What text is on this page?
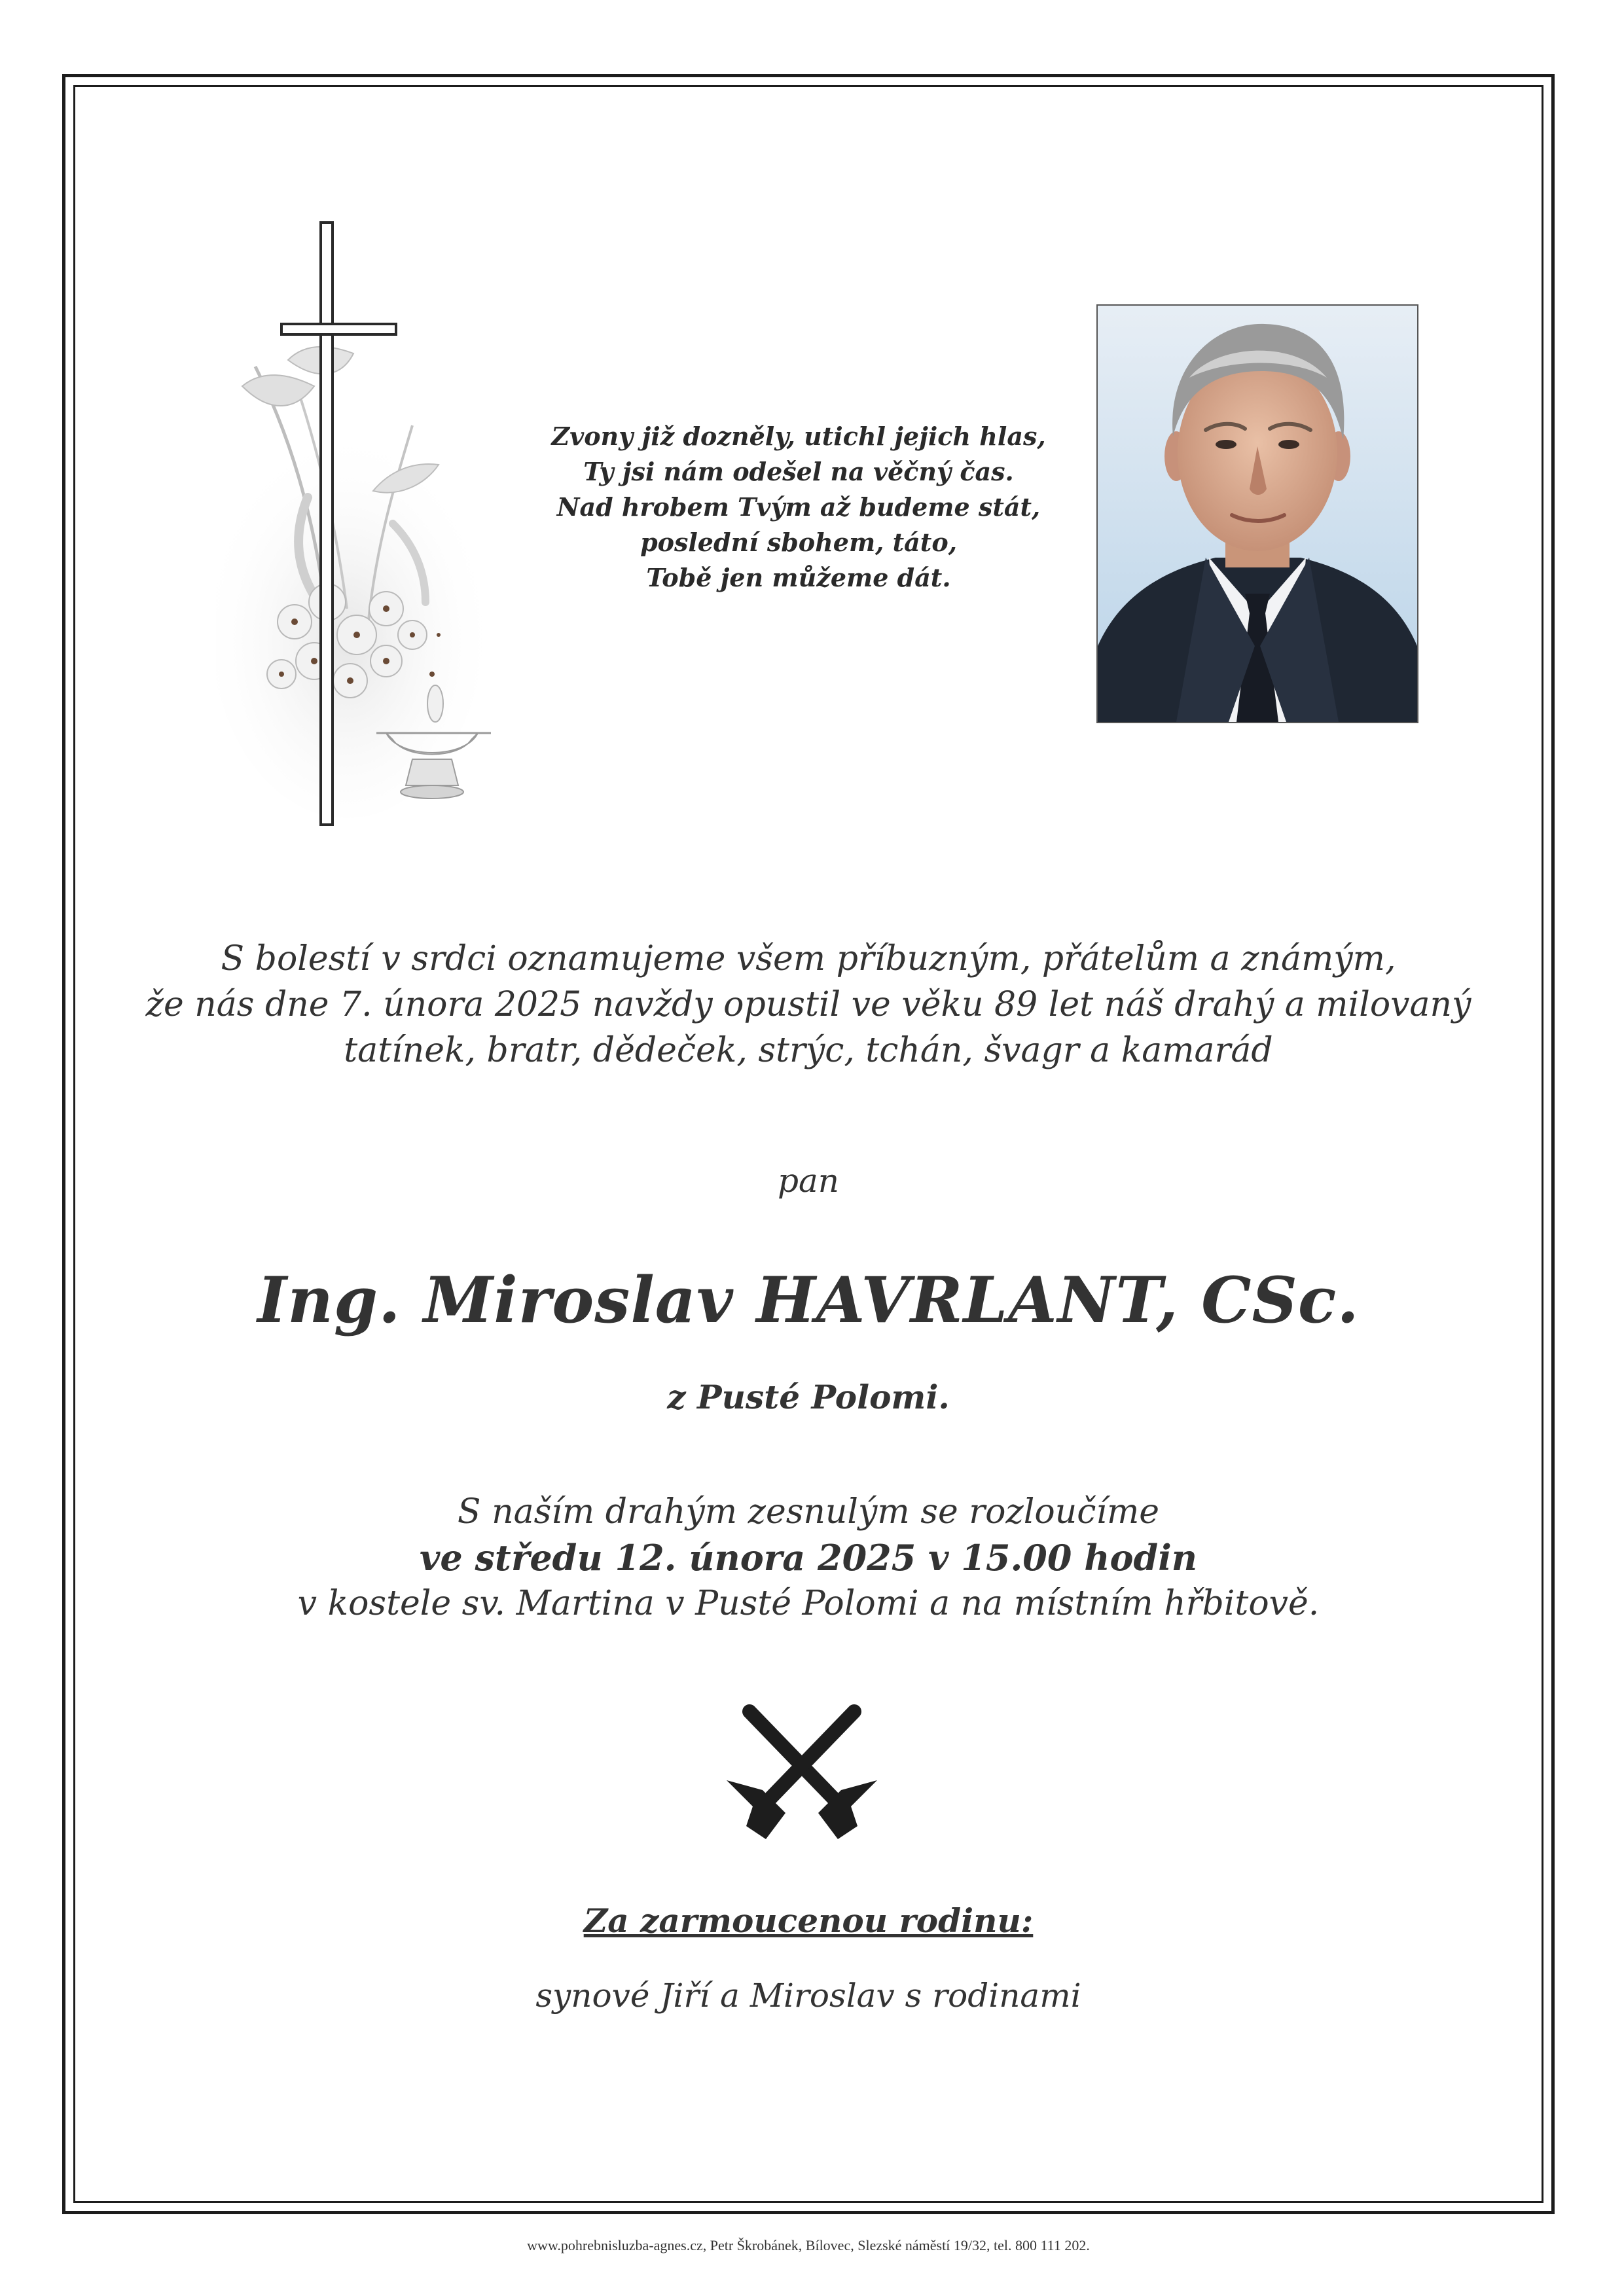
Zvony již dozněly, utichl jejich hlas,
Ty jsi nám odešel na věčný čas.
Nad hrobem Tvým až budeme stát,
poslední sbohem, táto,
Tobě jen můžeme dát.
S bolestí v srdci oznamujeme všem příbuzným, přátelům a známým,
že nás dne 7. února 2025 navždy opustil ve věku 89 let náš drahý a milovaný
tatínek, bratr, dědeček, strýc, tchán, švagr a kamarád
pan
Ing. Miroslav HAVRLANT, CSc.
z Pusté Polomi.
S naším drahým zesnulým se rozloučíme
ve středu 12. února 2025 v 15.00 hodin
v kostele sv. Martina v Pusté Polomi a na místním hřbitově.
Za zarmoucenou rodinu:
synové Jiří a Miroslav s rodinami
www.pohrebnisluzba-agnes.cz, Petr Škrobánek, Bílovec, Slezské náměstí 19/32, tel. 800 111 202.
